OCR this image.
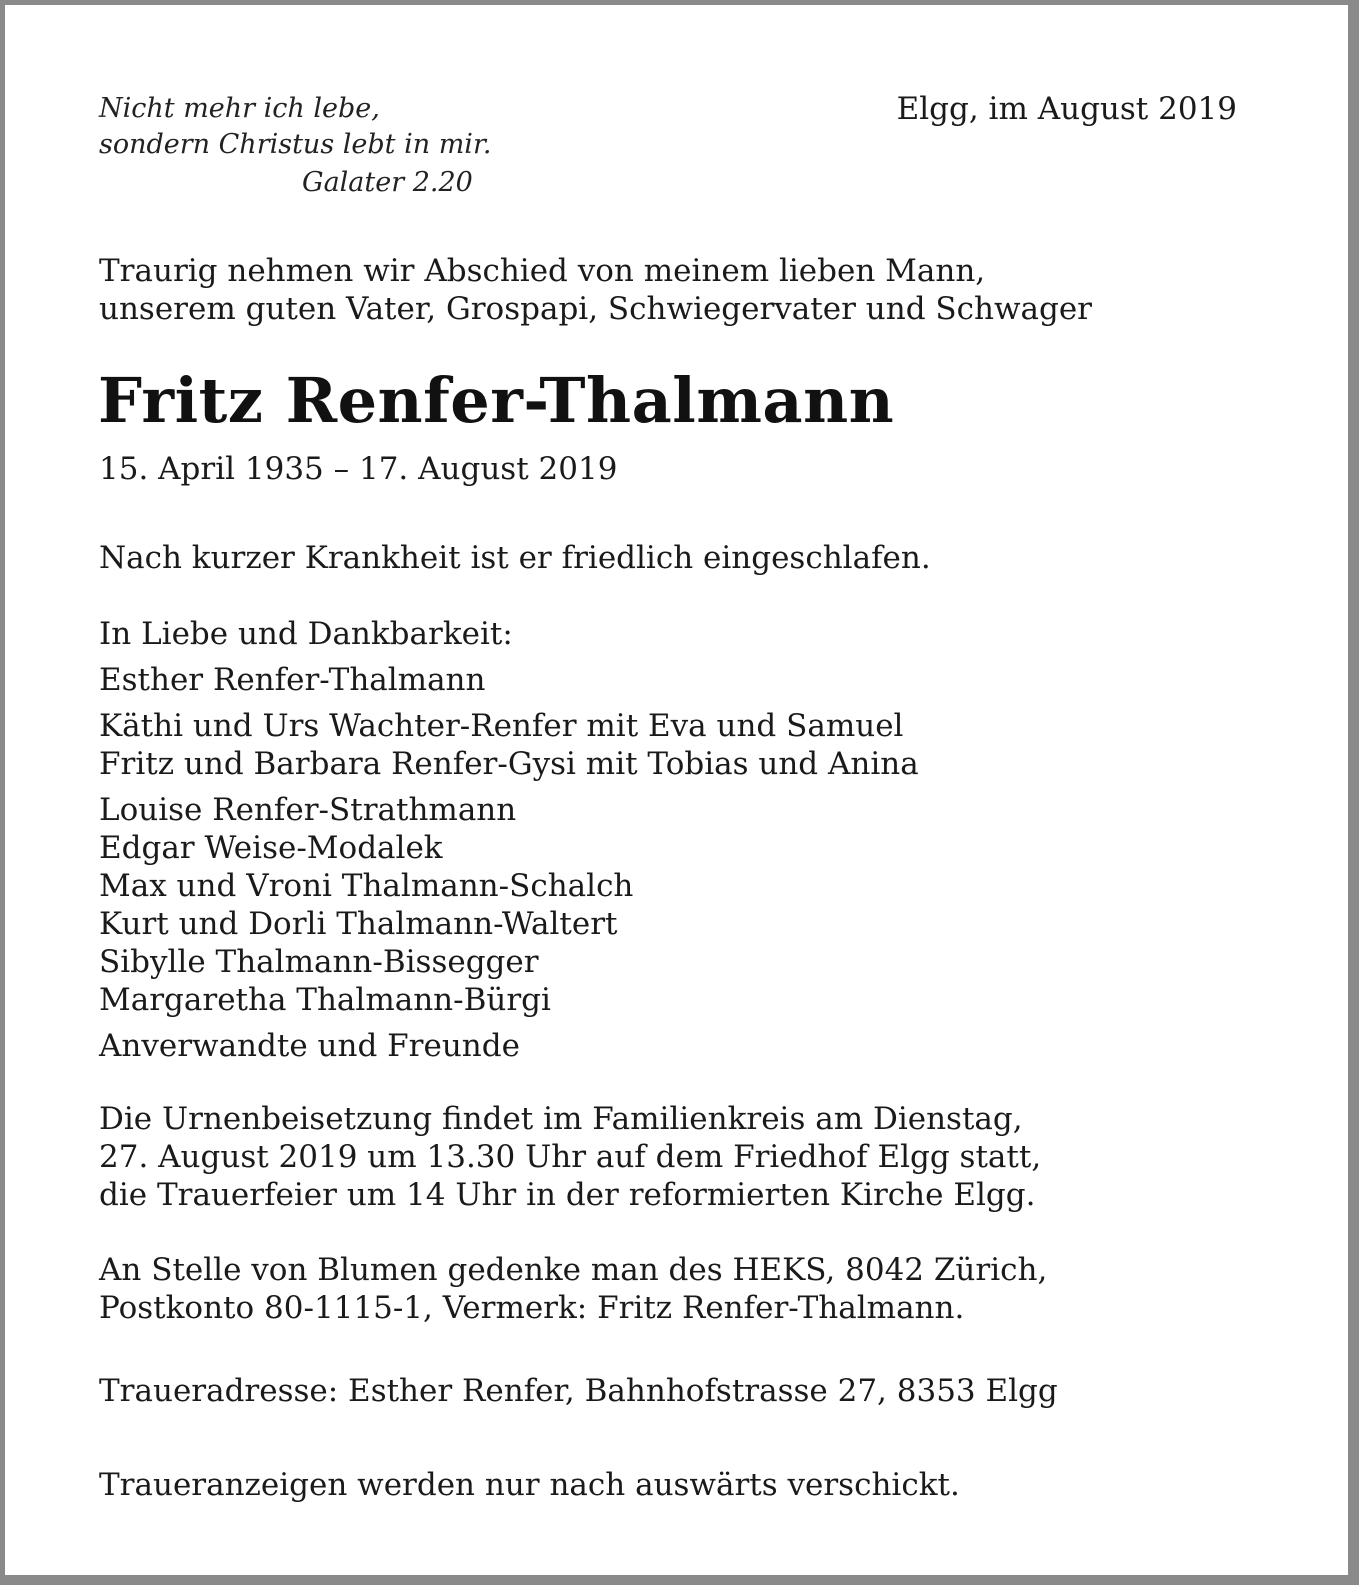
Nicht mehr ich lebe,
sondern Christus lebt in mir.
Galater 2.20
Elgg, im August 2019
Traurig nehmen wir Abschied von meinem lieben Mann,
unserem guten Vater, Grospapi, Schwiegervater und Schwager
Fritz Renfer-Thalmann
15. April 1935 – 17. August 2019
Nach kurzer Krankheit ist er friedlich eingeschlafen.
In Liebe und Dankbarkeit:
Esther Renfer-Thalmann
Käthi und Urs Wachter-Renfer mit Eva und Samuel
Fritz und Barbara Renfer-Gysi mit Tobias und Anina
Louise Renfer-Strathmann
Edgar Weise-Modalek
Max und Vroni Thalmann-Schalch
Kurt und Dorli Thalmann-Waltert
Sibylle Thalmann-Bissegger
Margaretha Thalmann-Bürgi
Anverwandte und Freunde
Die Urnenbeisetzung findet im Familienkreis am Dienstag,
27. August 2019 um 13.30 Uhr auf dem Friedhof Elgg statt,
die Trauerfeier um 14 Uhr in der reformierten Kirche Elgg.
An Stelle von Blumen gedenke man des HEKS, 8042 Zürich,
Postkonto 80-1115-1, Vermerk: Fritz Renfer-Thalmann.
Traueradresse: Esther Renfer, Bahnhofstrasse 27, 8353 Elgg
Traueranzeigen werden nur nach auswärts verschickt.
